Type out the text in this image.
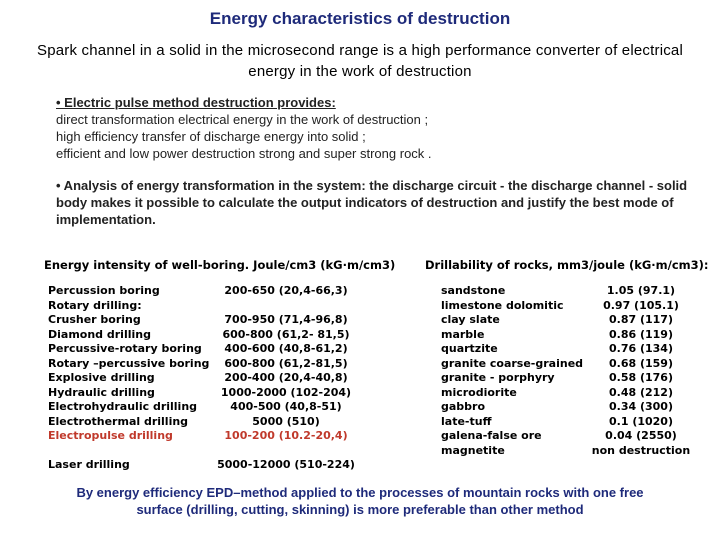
Energy characteristics of destruction
Spark channel in a solid in the microsecond range is a high performance converter of electrical energy in the work of destruction
• Electric pulse method destruction provides:
direct transformation electrical energy in the work of destruction ;
high efficiency transfer of discharge energy into solid ;
efficient and low power destruction strong and super strong rock .
• Analysis of energy transformation in the system: the discharge circuit - the discharge channel - solid body makes it possible to calculate the output indicators of destruction and justify the best mode of implementation.
Energy intensity of well-boring. Joule/cm3 (kG·m/cm3)	Drillability of rocks, mm3/joule (kG·m/cm3):
Percussion boring
Rotary drilling:
Crusher boring
Diamond drilling
Percussive-rotary boring
Rotary –percussive boring
Explosive drilling
Hydraulic drilling
Electrohydraulic drilling
Electrothermal drilling
Electropulse drilling
Laser drilling
200-650 (20,4-66,3)
700-950 (71,4-96,8)
600-800 (61,2- 81,5)
400-600 (40,8-61,2)
600-800 (61,2-81,5)
200-400 (20,4-40,8)
1000-2000 (102-204)
400-500 (40,8-51)
5000 (510)
100-200 (10.2-20,4)
5000-12000 (510-224)
sandstone
limestone dolomitic
clay slate
marble
quartzite
granite coarse-grained
granite - porphyry
microdiorite
gabbro
late-tuff
galena-false ore
magnetite
1.05 (97.1)
0.97 (105.1)
0.87 (117)
0.86 (119)
0.76 (134)
0.68 (159)
0.58 (176)
0.48 (212)
0.34 (300)
0.1 (1020)
0.04 (2550)
non destruction
By energy efficiency EPD–method applied to the processes of mountain rocks with one free surface (drilling, cutting, skinning) is more preferable than other method
